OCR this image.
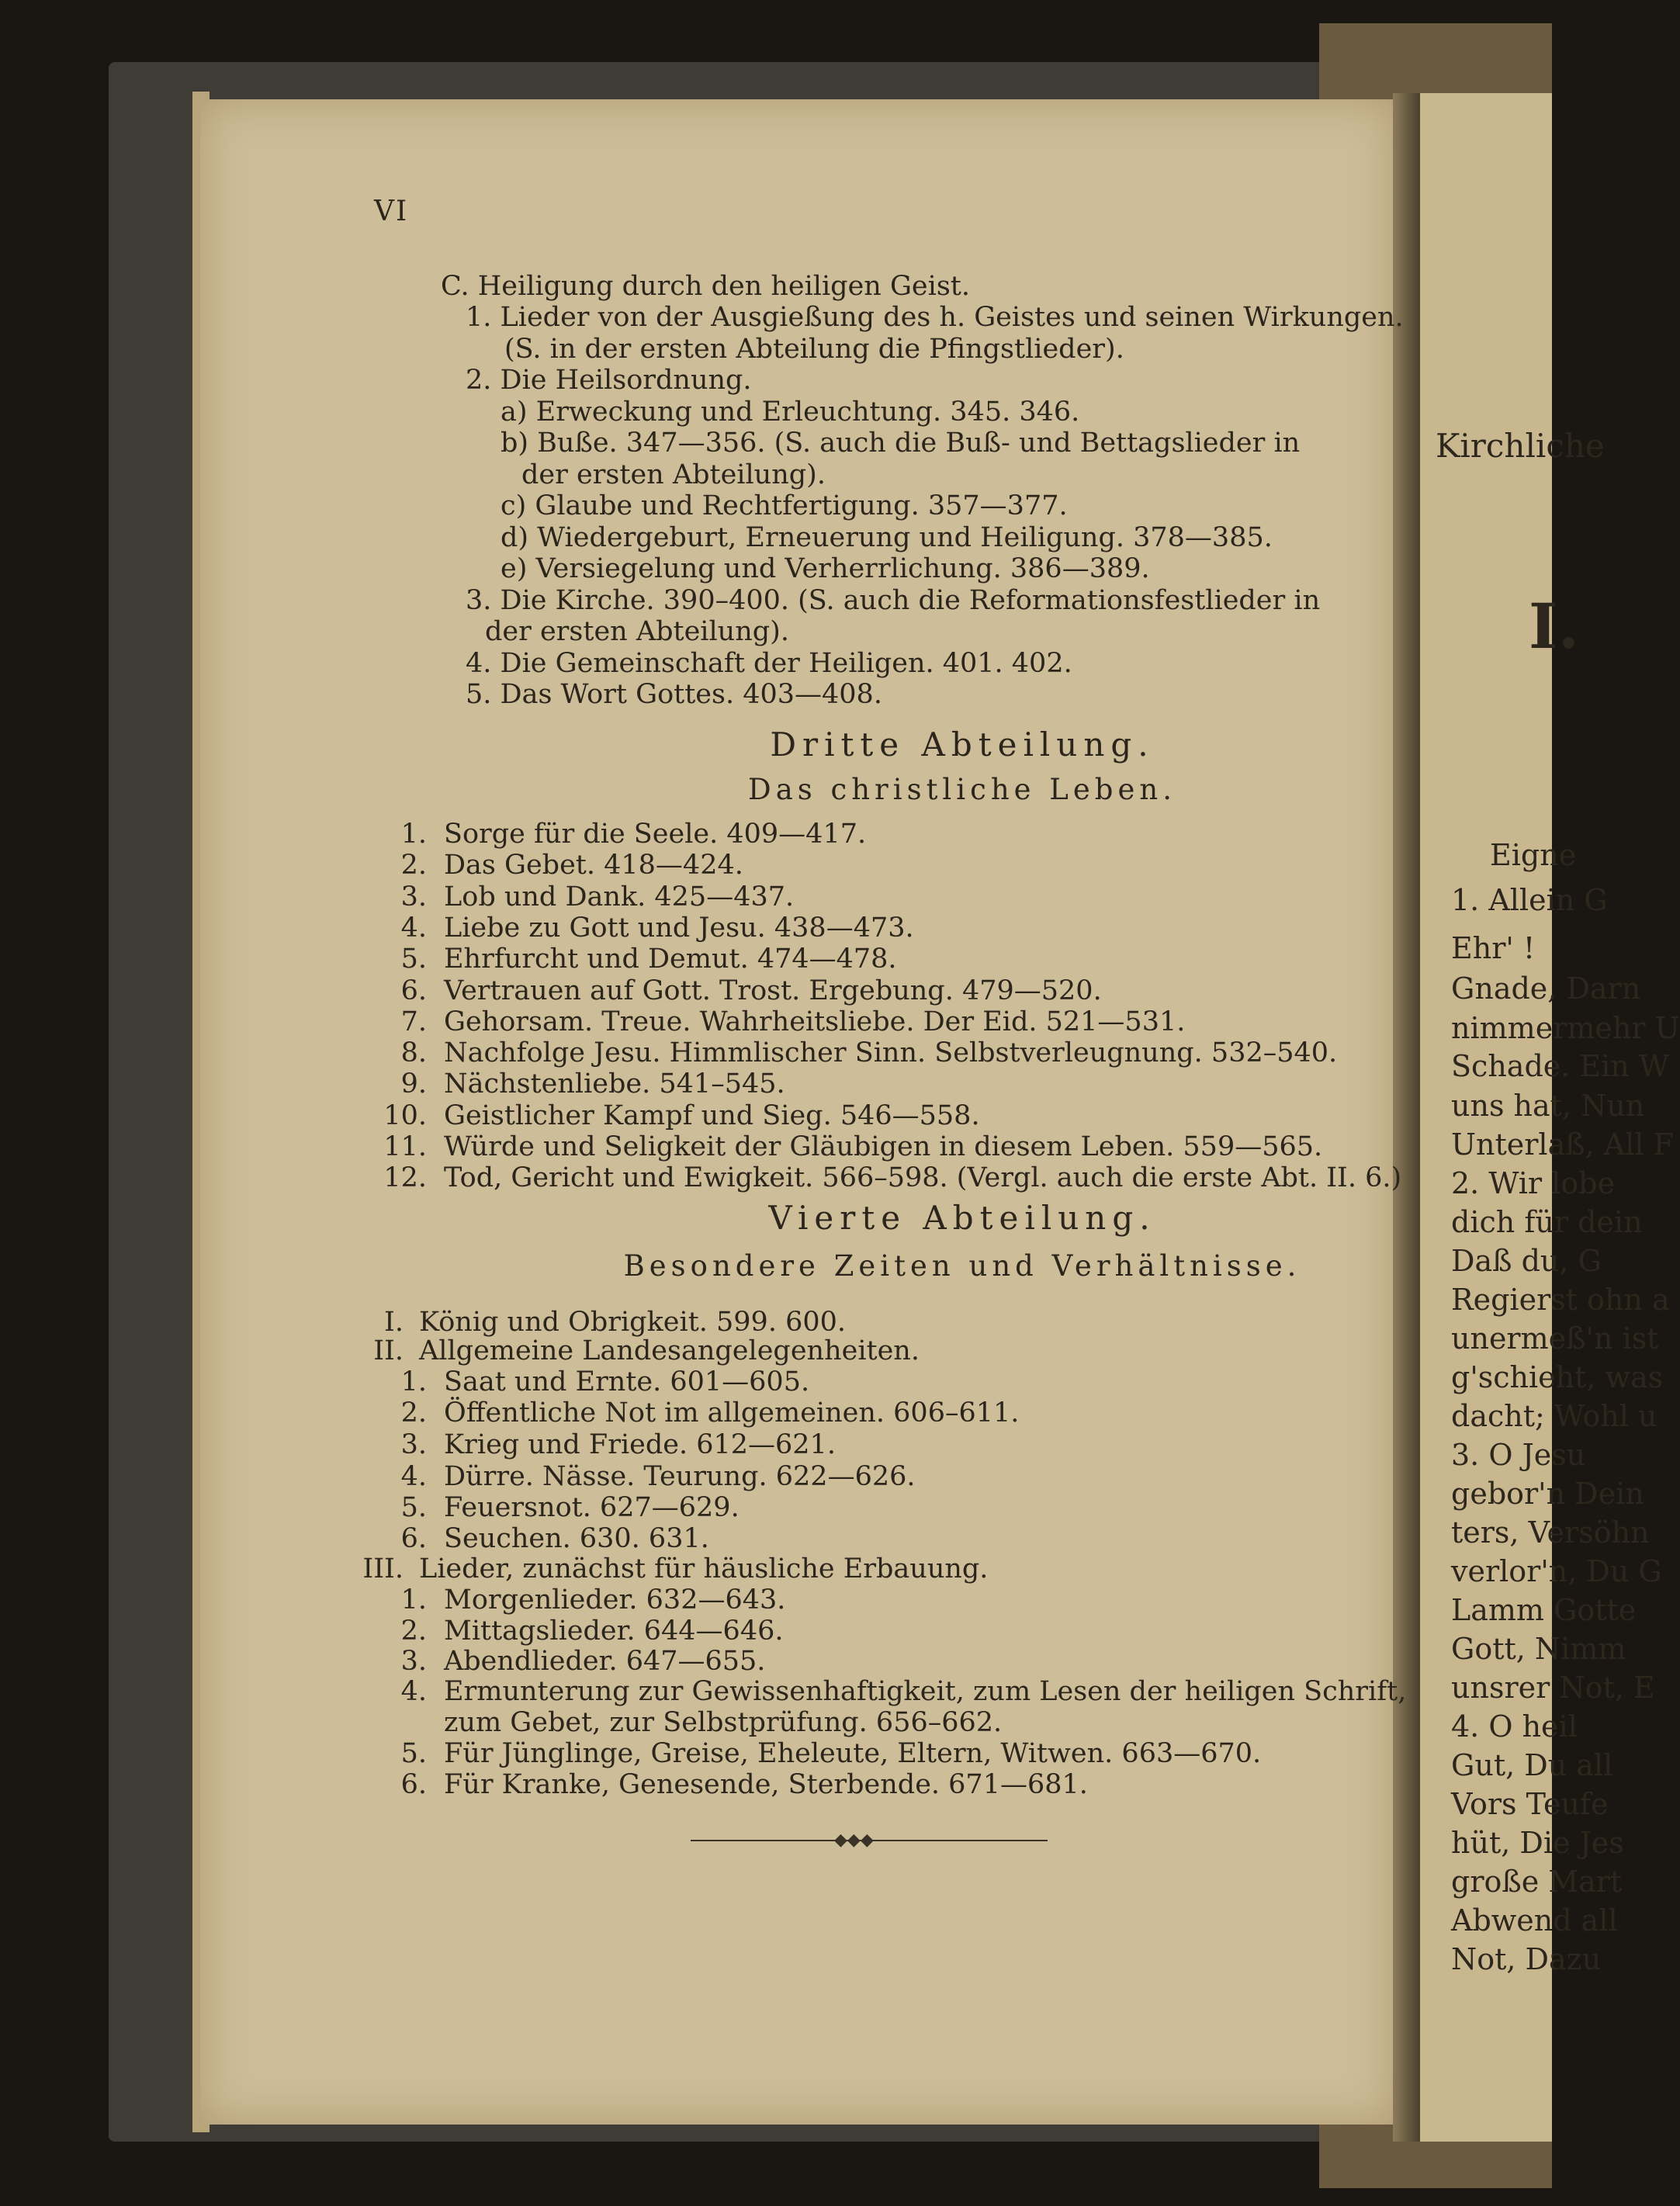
Kirchliche
I.
Eigne
1. Allein G
Ehr' !
Gnade, Darn
nimmermehr U
Schade. Ein W
uns hat, Nun
Unterlaß, All F
2. Wir lobe
dich für dein
Daß du, G
Regierst ohn a
unermeß'n ist
g'schieht, was
dacht; Wohl u
3. O Jesu
gebor'n Dein
ters, Versöhn
verlor'n, Du G
Lamm Gotte
Gott, Nimm
unsrer Not, E
4. O heil
Gut, Du all
Vors Teufe
hüt, Die Jes
große Mart
Abwend all
Not, Dazu
VI
C. Heiligung durch den heiligen Geist.
1. Lieder von der Ausgießung des h. Geistes und seinen Wirkungen.
(S. in der ersten Abteilung die Pfingstlieder).
2. Die Heilsordnung.
a) Erweckung und Erleuchtung. 345. 346.
b) Buße. 347—356. (S. auch die Buß- und Bettagslieder in
der ersten Abteilung).
c) Glaube und Rechtfertigung. 357—377.
d) Wiedergeburt, Erneuerung und Heiligung. 378—385.
e) Versiegelung und Verherrlichung. 386—389.
3. Die Kirche. 390–400. (S. auch die Reformationsfestlieder in
der ersten Abteilung).
4. Die Gemeinschaft der Heiligen. 401. 402.
5. Das Wort Gottes. 403—408.
Dritte Abteilung.
Das christliche Leben.
1. Sorge für die Seele. 409—417.
2. Das Gebet. 418—424.
3. Lob und Dank. 425—437.
4. Liebe zu Gott und Jesu. 438—473.
5. Ehrfurcht und Demut. 474—478.
6. Vertrauen auf Gott. Trost. Ergebung. 479—520.
7. Gehorsam. Treue. Wahrheitsliebe. Der Eid. 521—531.
8. Nachfolge Jesu. Himmlischer Sinn. Selbstverleugnung. 532–540.
9. Nächstenliebe. 541–545.
10. Geistlicher Kampf und Sieg. 546—558.
11. Würde und Seligkeit der Gläubigen in diesem Leben. 559—565.
12. Tod, Gericht und Ewigkeit. 566–598. (Vergl. auch die erste Abt. II. 6.)
Vierte Abteilung.
Besondere Zeiten und Verhältnisse.
I. König und Obrigkeit. 599. 600.
II. Allgemeine Landesangelegenheiten.
1. Saat und Ernte. 601—605.
2. Öffentliche Not im allgemeinen. 606–611.
3. Krieg und Friede. 612—621.
4. Dürre. Nässe. Teurung. 622—626.
5. Feuersnot. 627—629.
6. Seuchen. 630. 631.
III. Lieder, zunächst für häusliche Erbauung.
1. Morgenlieder. 632—643.
2. Mittagslieder. 644—646.
3. Abendlieder. 647—655.
4. Ermunterung zur Gewissenhaftigkeit, zum Lesen der heiligen Schrift,
zum Gebet, zur Selbstprüfung. 656–662.
5. Für Jünglinge, Greise, Eheleute, Eltern, Witwen. 663—670.
6. Für Kranke, Genesende, Sterbende. 671—681.
◆◆◆
